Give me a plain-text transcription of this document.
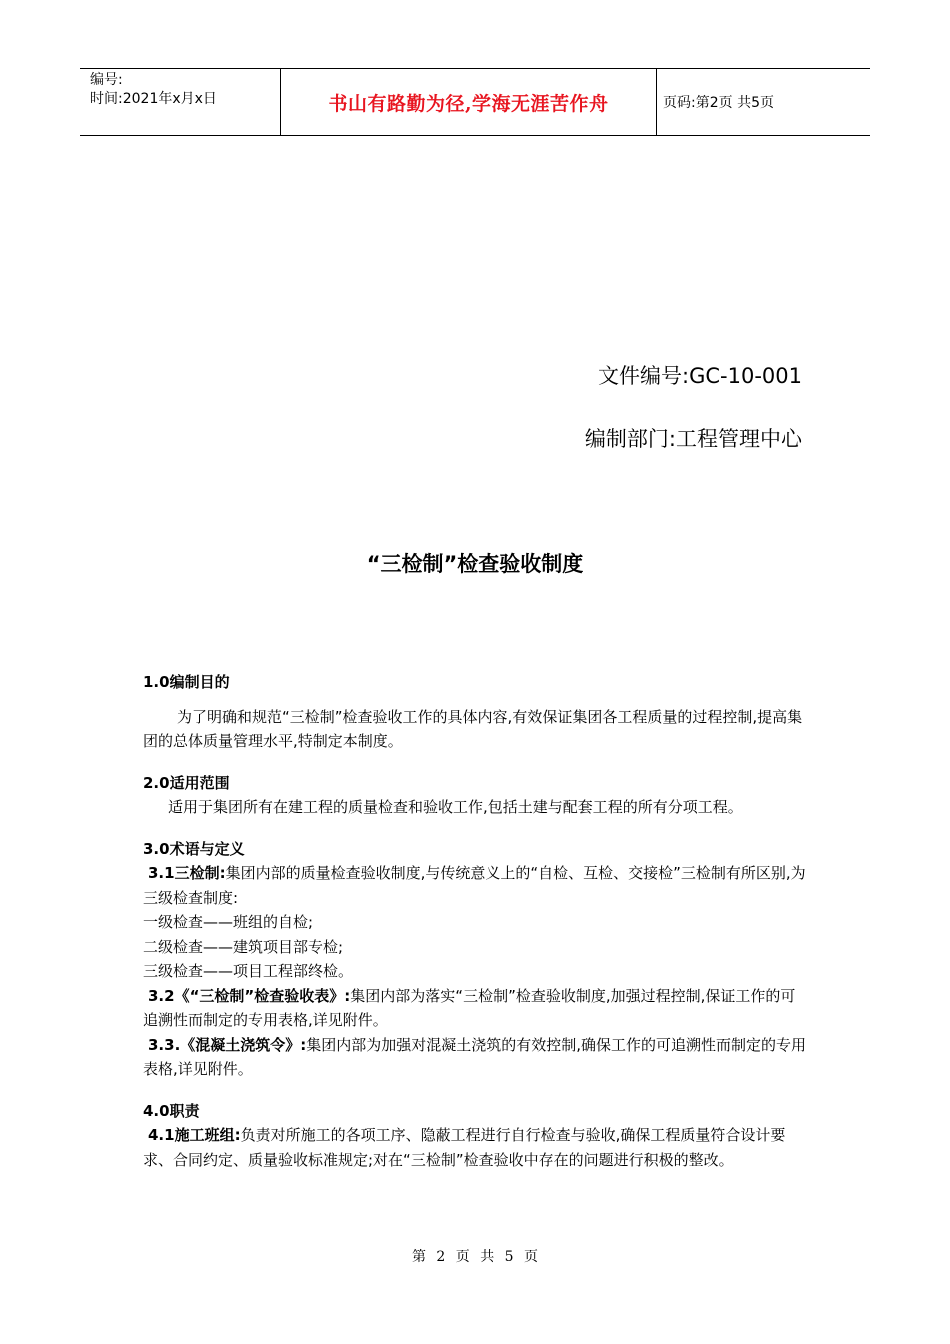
编号:
时间:2021年x月x日	书山有路勤为径,学海无涯苦作舟	页码:第2页 共5页
文件编号:GC-10-001
编制部门:工程管理中心
“三检制”检查验收制度
1.0编制目的
为了明确和规范“三检制”检查验收工作的具体内容,有效保证集团各工程质量的过程控制,提高集团的总体质量管理水平,特制定本制度。
2.0适用范围
适用于集团所有在建工程的质量检查和验收工作,包括土建与配套工程的所有分项工程。
3.0术语与定义
3.1三检制:集团内部的质量检查验收制度,与传统意义上的“自检、互检、交接检”三检制有所区别,为三级检查制度:
一级检查——班组的自检;
二级检查——建筑项目部专检;
三级检查——项目工程部终检。
3.2《“三检制”检查验收表》:集团内部为落实“三检制”检查验收制度,加强过程控制,保证工作的可追溯性而制定的专用表格,详见附件。
3.3.《混凝土浇筑令》:集团内部为加强对混凝土浇筑的有效控制,确保工作的可追溯性而制定的专用表格,详见附件。
4.0职责
4.1施工班组:负责对所施工的各项工序、隐蔽工程进行自行检查与验收,确保工程质量符合设计要求、合同约定、质量验收标准规定;对在“三检制”检查验收中存在的问题进行积极的整改。
第 2 页 共 5 页
